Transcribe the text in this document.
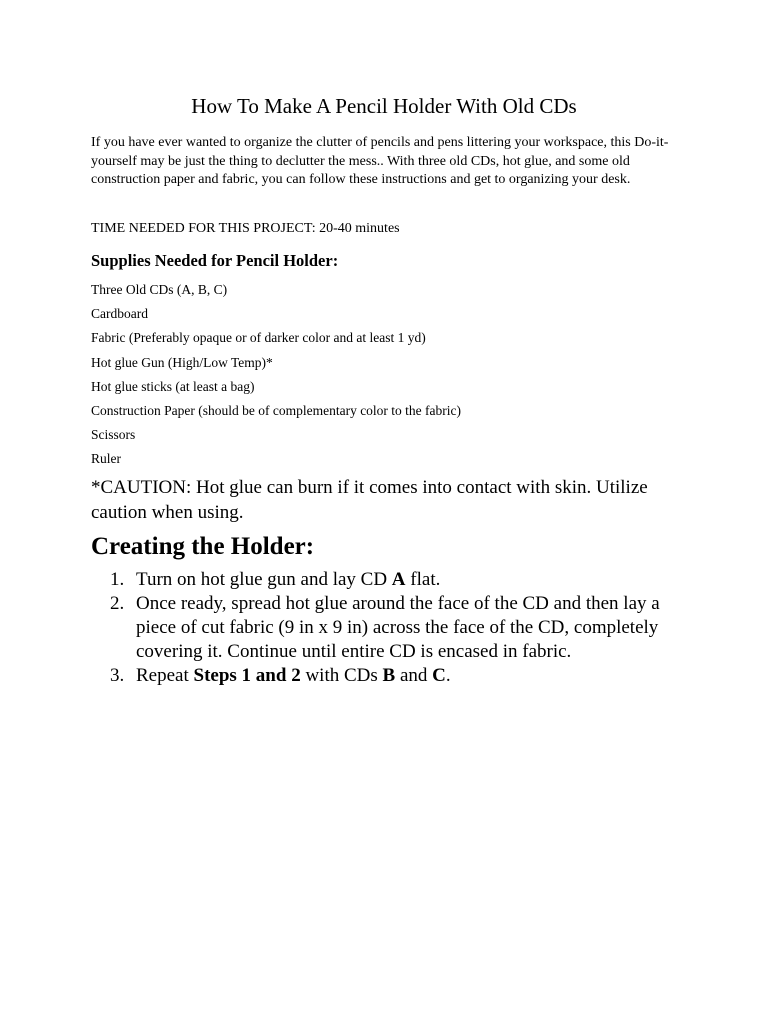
How To Make A Pencil Holder With Old CDs

If you have ever wanted to organize the clutter of pencils and pens littering your workspace, this Do-it-yourself may be just the thing to declutter the mess.. With three old CDs, hot glue, and some old construction paper and fabric, you can follow these instructions and get to organizing your desk.

TIME NEEDED FOR THIS PROJECT: 20-40 minutes

Supplies Needed for Pencil Holder:
Three Old CDs (A, B, C)
Cardboard
Fabric (Preferably opaque or of darker color and at least 1 yd)
Hot glue Gun (High/Low Temp)*
Hot glue sticks (at least a bag)
Construction Paper (should be of complementary color to the fabric)
Scissors
Ruler

*CAUTION: Hot glue can burn if it comes into contact with skin. Utilize caution when using.

Creating the Holder:
1. Turn on hot glue gun and lay CD A flat.
2. Once ready, spread hot glue around the face of the CD and then lay a piece of cut fabric (9 in x 9 in) across the face of the CD, completely covering it. Continue until entire CD is encased in fabric.
3. Repeat Steps 1 and 2 with CDs B and C.
